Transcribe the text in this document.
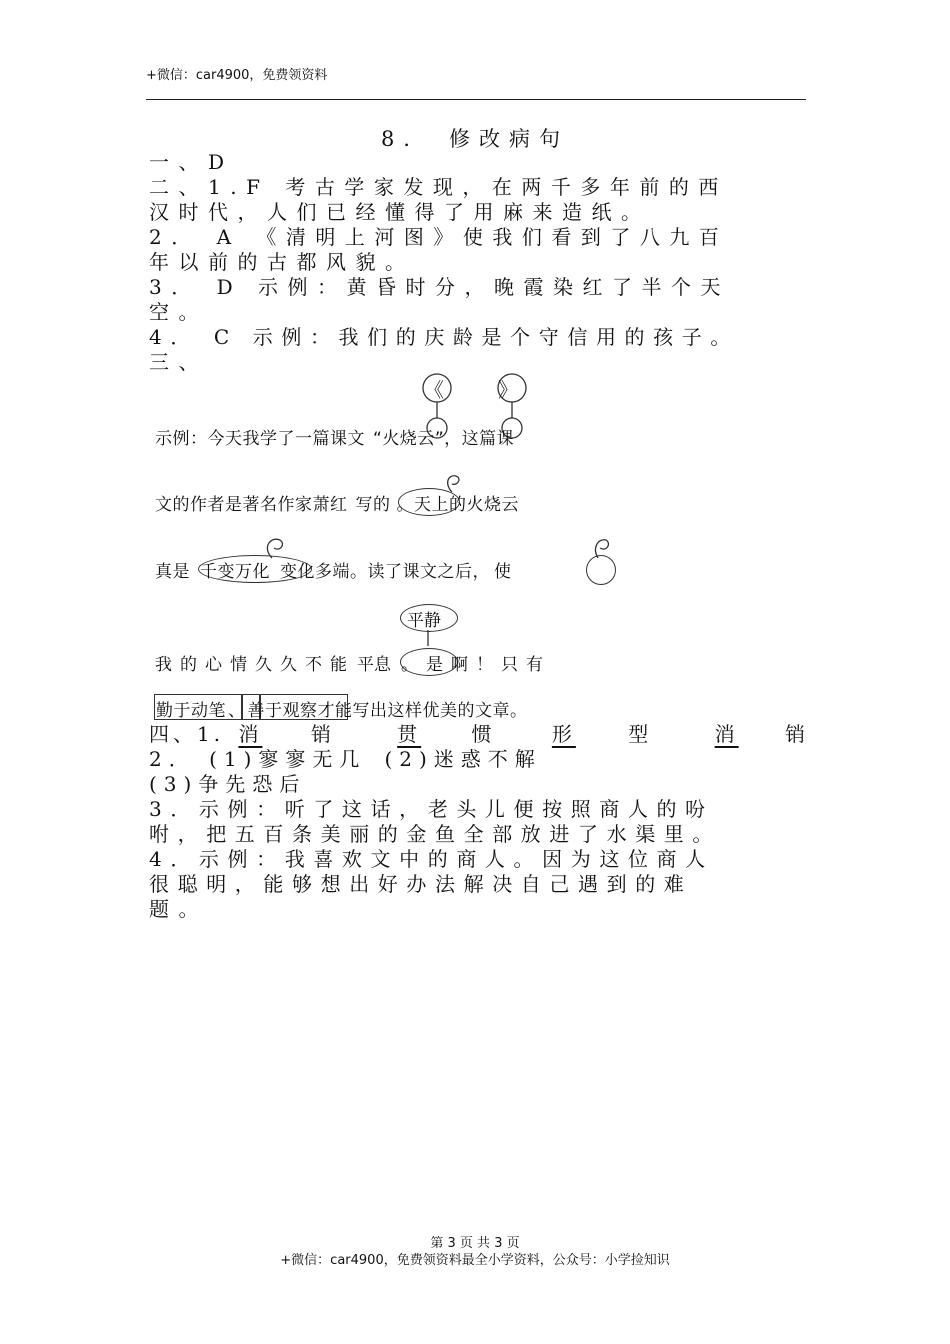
+微信：car4900，免费领资料
8． 修改病句
一、D
二、1.F 考古学家发现，在两千多年前的西
汉时代，人们已经懂得了用麻来造纸。
2． A 《清明上河图》使我们看到了八九百
年以前的古都风貌。
3． D 示例：黄昏时分，晚霞染红了半个天
空。
4． C 示例：我们的庆龄是个守信用的孩子。
三、
《	》
示例：今天我学了一篇课文 “火烧云”，这篇课
文的作者是著名作家萧红 写的 。天上的火烧云
真是 千变万化 变化多端。读了课文之后， 使
平静
我的心情久久不能 平息 。是啊！只有
勤于动笔 、 善于观察才能写出这样优美的文章。
四、1. 消 销	贯	惯	形	型	消 销
2． (1)寥寥无几 (2)迷惑不解
(3)争先恐后
3．示例：听了这话，老头儿便按照商人的吩
咐，把五百条美丽的金鱼全部放进了水渠里。
4．示例：我喜欢文中的商人。因为这位商人
很聪明，能够想出好办法解决自己遇到的难
题。
第 3 页 共 3 页
+微信：car4900，免费领资料最全小学资料，公众号：小学捡知识
